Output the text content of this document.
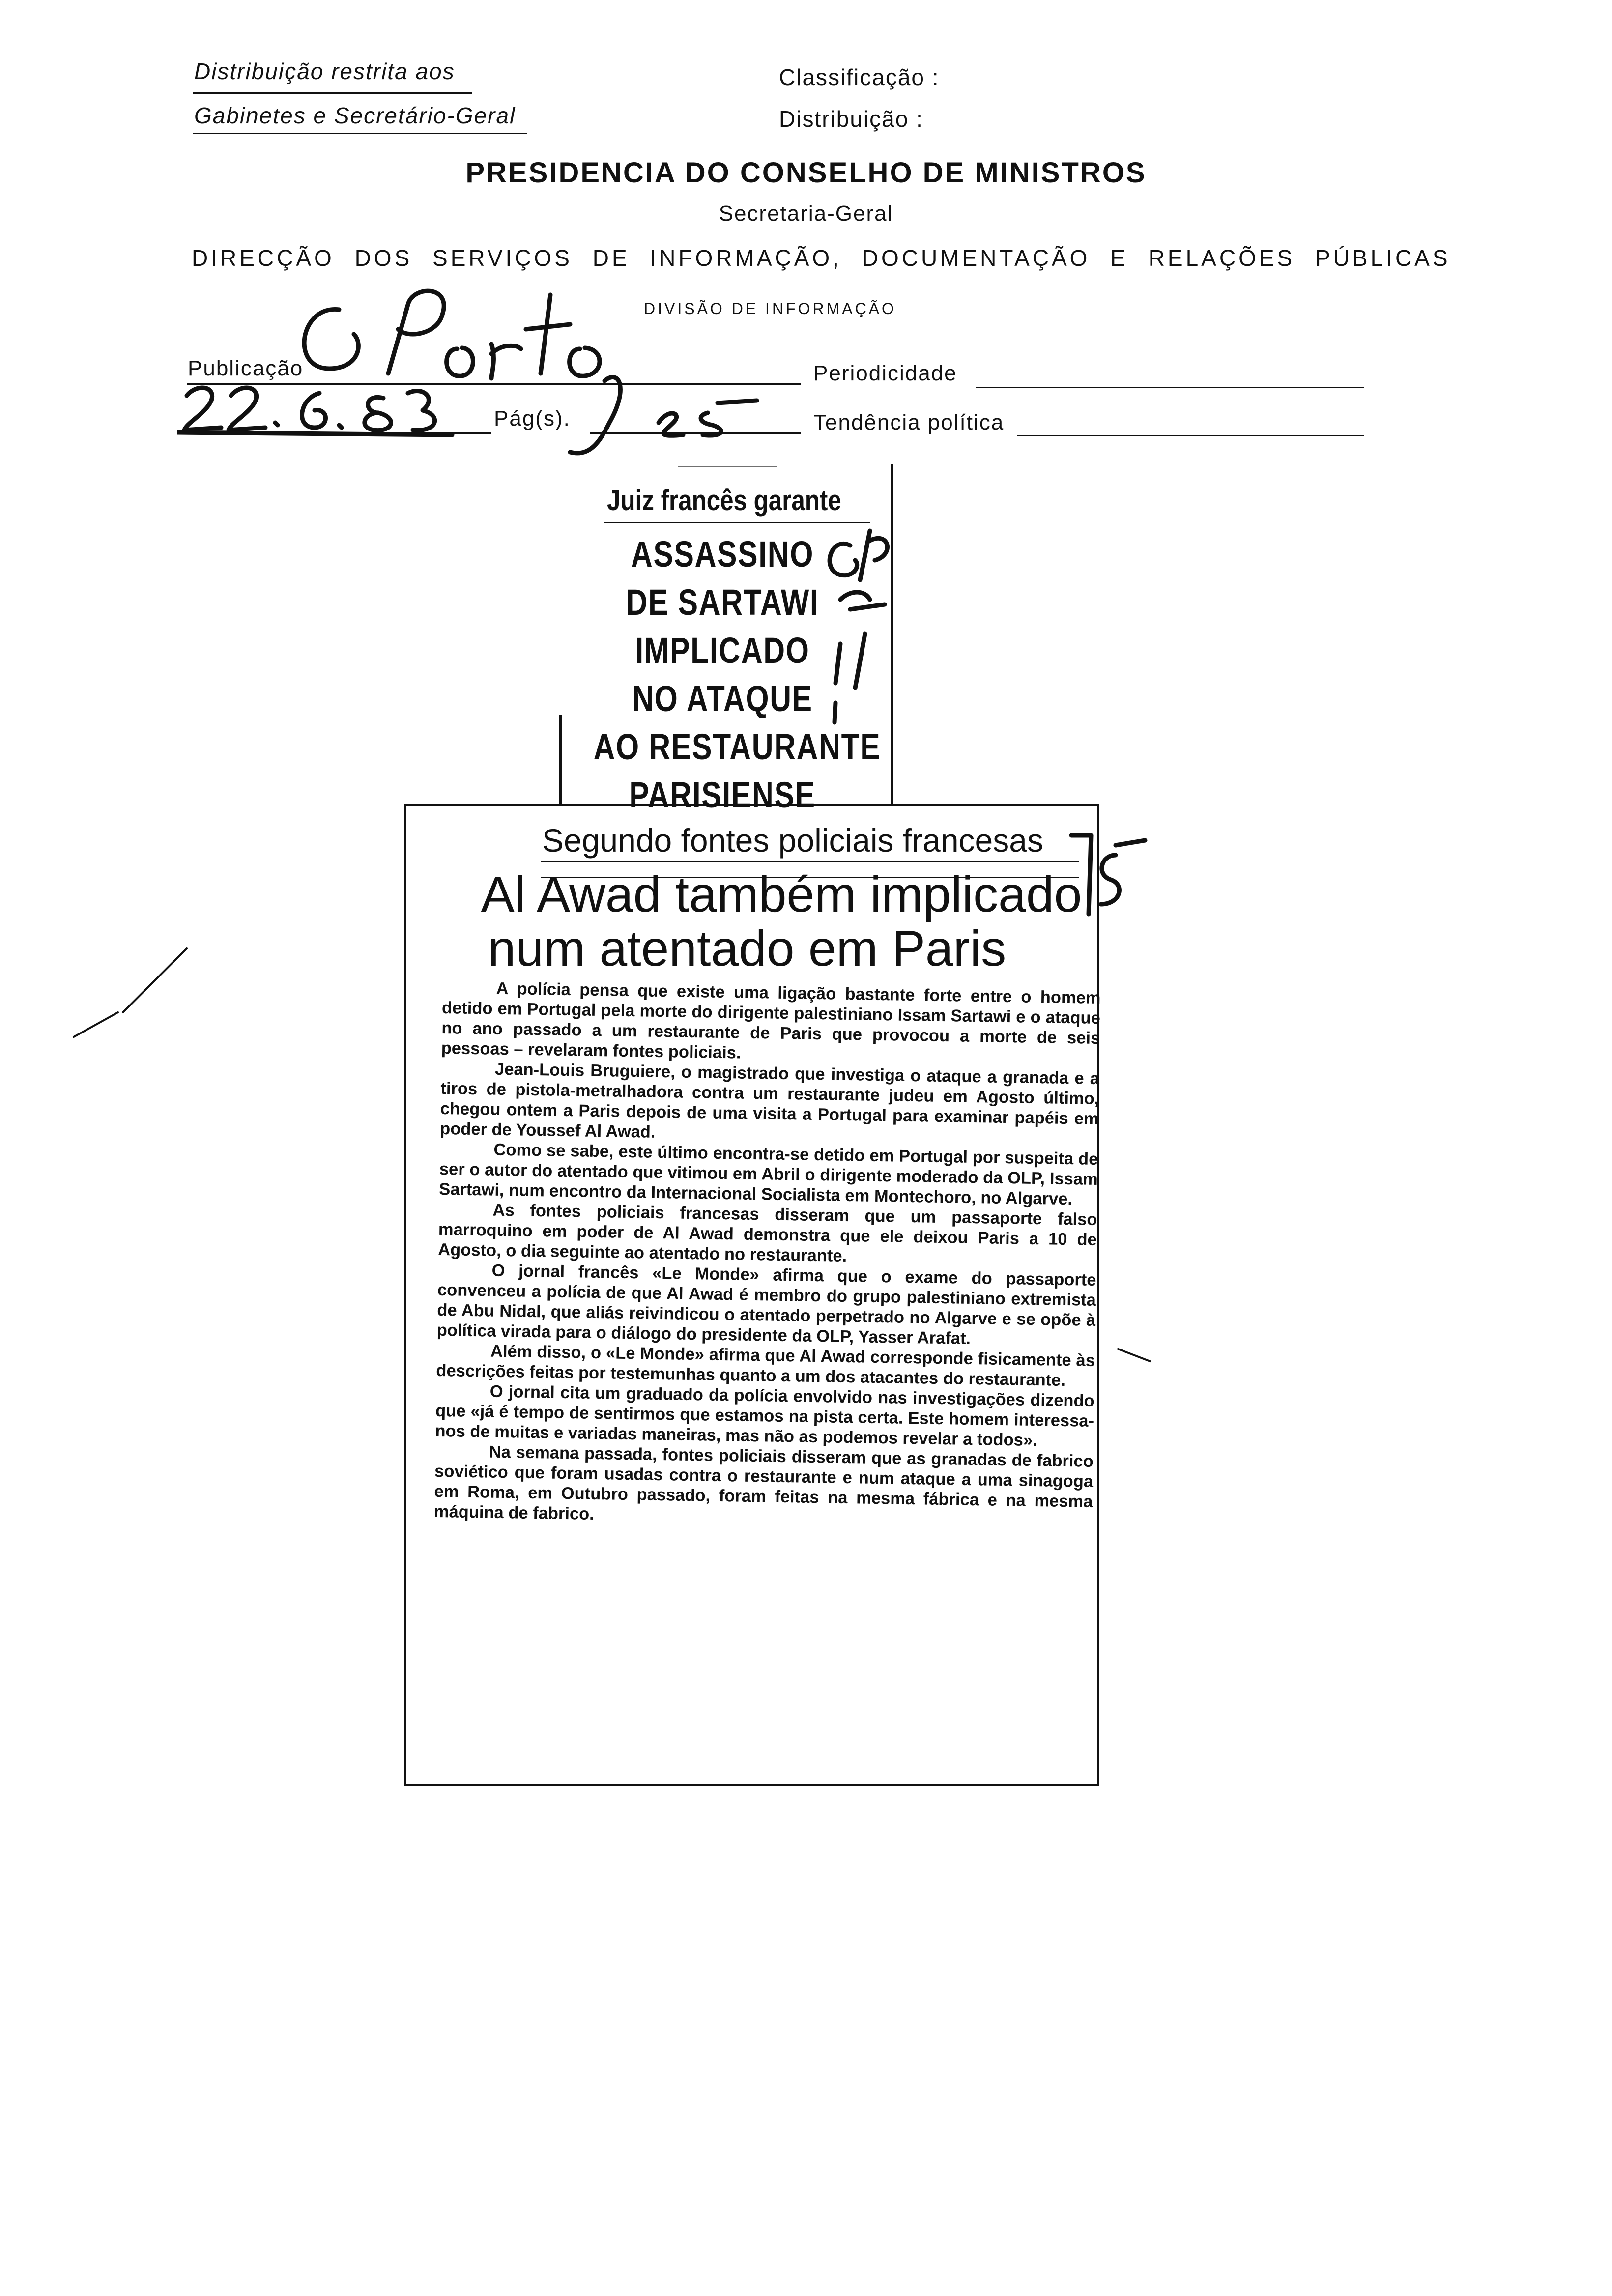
Distribuição restrita aos
Gabinetes e Secretário-Geral
Classificação :
Distribuição :
PRESIDENCIA DO CONSELHO DE MINISTROS
Secretaria-Geral
DIRECÇÃO DOS SERVIÇOS DE INFORMAÇÃO, DOCUMENTAÇÃO E RELAÇÕES PÚBLICAS
DIVISÃO DE INFORMAÇÃO
Publicação	Periodicidade
Pág(s).	Tendência política
Juiz francês garante
ASSASSINO
DE SARTAWI
IMPLICADO
NO ATAQUE
AO RESTAURANTE
PARISIENSE
Segundo fontes policiais francesas
Al Awad também implicado
num atentado em Paris

A polícia pensa que existe uma ligação bastante forte entre o homem detido em Portugal pela morte do dirigente palestiniano Issam Sartawi e o ataque no ano passado a um restaurante de Paris que provocou a morte de seis pessoas – revelaram fontes policiais.

Jean-Louis Bruguiere, o magistrado que investiga o ataque a granada e a tiros de pistola-metralhadora contra um restaurante judeu em Agosto último, chegou ontem a Paris depois de uma visita a Portugal para examinar papéis em poder de Youssef Al Awad.

Como se sabe, este último encontra-se detido em Portugal por suspeita de ser o autor do atentado que vitimou em Abril o dirigente moderado da OLP, Issam Sartawi, num encontro da Internacional Socialista em Montechoro, no Algarve.

As fontes policiais francesas disseram que um passaporte falso marroquino em poder de Al Awad demonstra que ele deixou Paris a 10 de Agosto, o dia seguinte ao atentado no restaurante.

O jornal francês «Le Monde» afirma que o exame do passaporte convenceu a polícia de que Al Awad é membro do grupo palestiniano extremista de Abu Nidal, que aliás reivindicou o atentado perpetrado no Algarve e se opõe à política virada para o diálogo do presidente da OLP, Yasser Arafat.

Além disso, o «Le Monde» afirma que Al Awad corresponde fisicamente às descrições feitas por testemunhas quanto a um dos atacantes do restaurante.

O jornal cita um graduado da polícia envolvido nas investigações dizendo que «já é tempo de sentirmos que estamos na pista certa. Este homem interessa-nos de muitas e variadas maneiras, mas não as podemos revelar a todos».

Na semana passada, fontes policiais disseram que as granadas de fabrico soviético que foram usadas contra o restaurante e num ataque a uma sinagoga em Roma, em Outubro passado, foram feitas na mesma fábrica e na mesma máquina de fabrico.
